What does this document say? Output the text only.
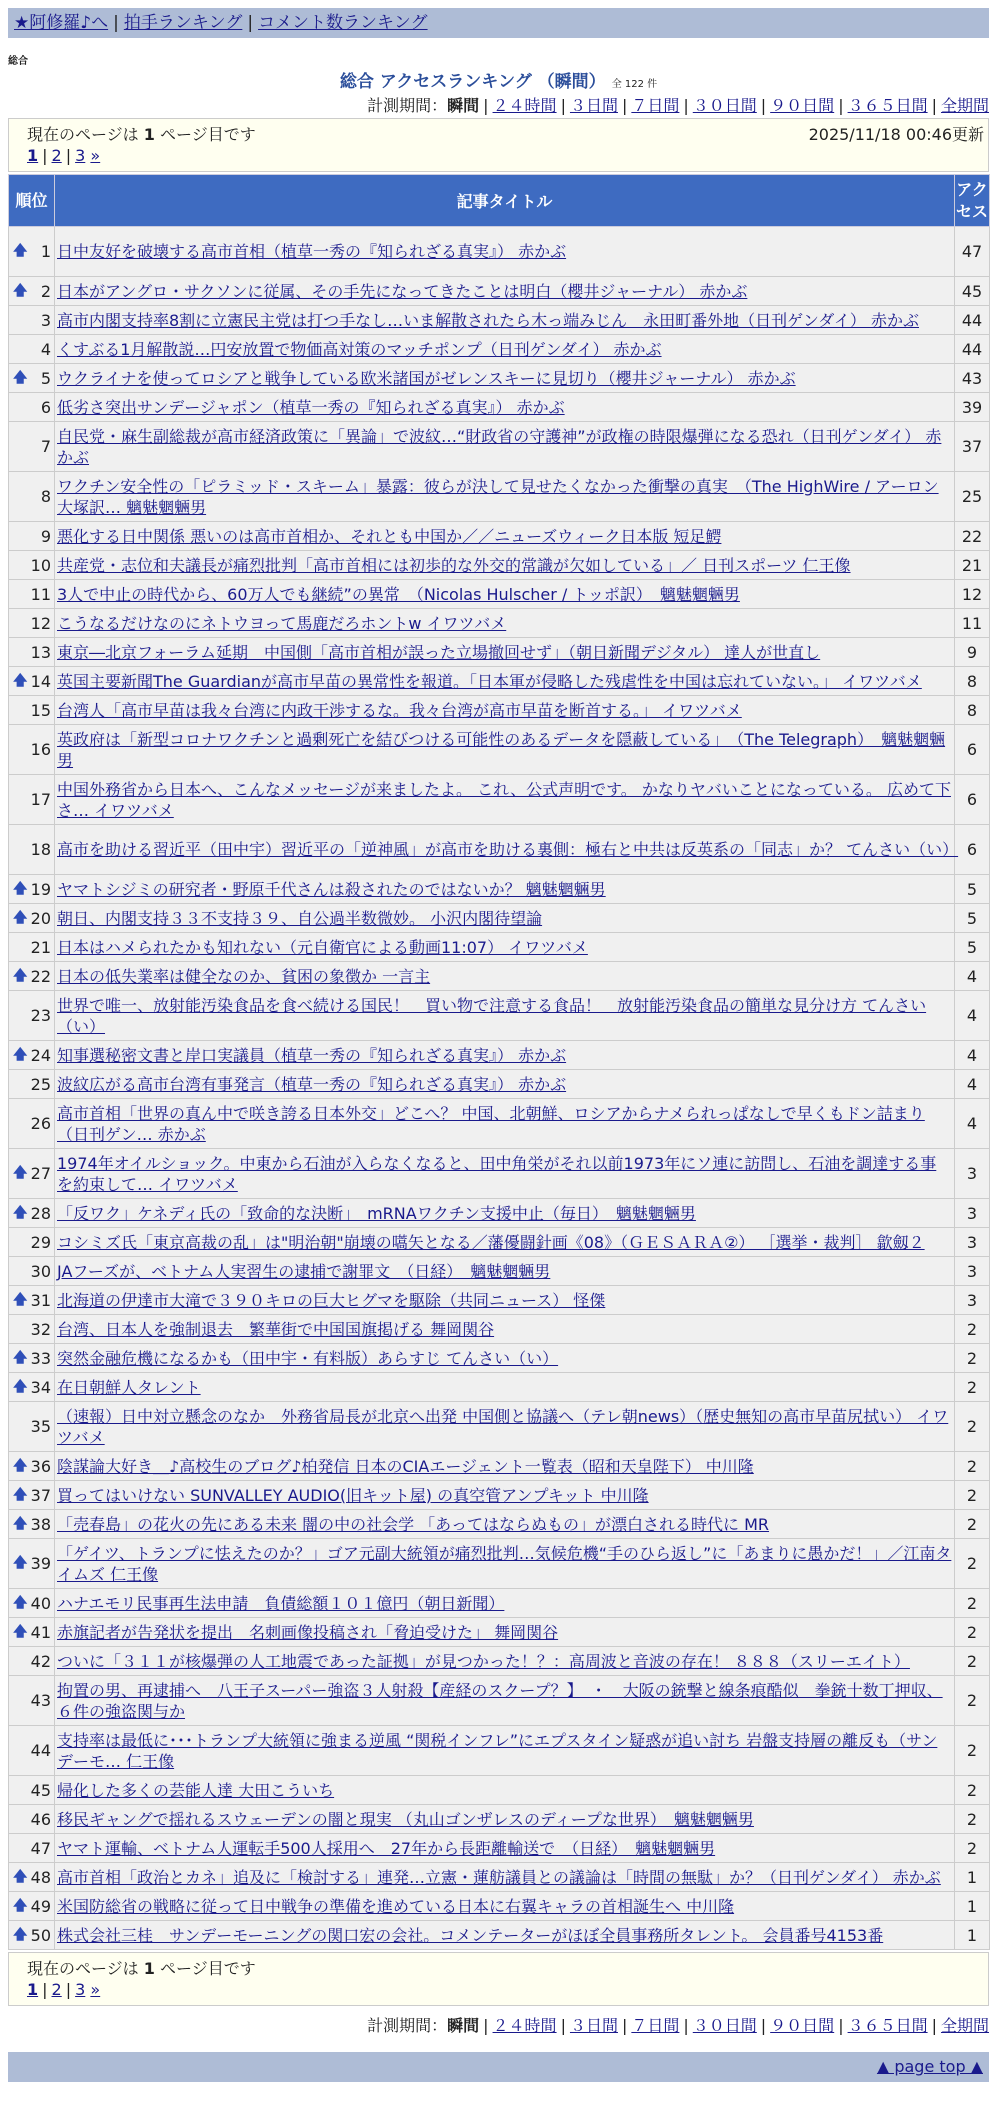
★阿修羅♪へ | 拍手ランキング | コメント数ランキング
総合
総合 アクセスランキング （瞬間） 全 122 件
計測期間：瞬間 | ２４時間 | ３日間 | ７日間 | ３０日間 | ９０日間 | ３６５日間 | 全期間
現在のページは 1 ページ目です	2025/11/18 00:46更新
1 | 2 | 3 »
順位	記事タイトル	アクセス

🡅 1	日中友好を破壊する高市首相（植草一秀の『知られざる真実』） 赤かぶ	47

🡅 2	日本がアングロ・サクソンに従属、その手先になってきたことは明白（櫻井ジャーナル） 赤かぶ	45
3	高市内閣支持率8割に立憲民主党は打つ手なし…いま解散されたら木っ端みじん　永田町番外地（日刊ゲンダイ） 赤かぶ	44
4	くすぶる1月解散説…円安放置で物価高対策のマッチポンプ（日刊ゲンダイ） 赤かぶ	44

🡅 5	ウクライナを使ってロシアと戦争している欧米諸国がゼレンスキーに見切り（櫻井ジャーナル） 赤かぶ	43
6	低劣さ突出サンデージャポン（植草一秀の『知られざる真実』） 赤かぶ	39
7	自民党・麻生副総裁が高市経済政策に「異論」で波紋…“財政省の守護神”が政権の時限爆弾になる恐れ（日刊ゲンダイ） 赤かぶ	37
8	ワクチン安全性の「ピラミッド・スキーム」暴露：彼らが決して見せたくなかった衝撃の真実　（The HighWire / アーロン大塚訳… 魑魅魍魎男	25
9	悪化する日中関係 悪いのは高市首相か、それとも中国か／／ニューズウィーク日本版 短足鰐	22
10	共産党・志位和夫議長が痛烈批判「高市首相には初歩的な外交的常識が欠如している」／ 日刊スポーツ 仁王像	21
11	3人で中止の時代から、60万人でも継続”の異常　（Nicolas Hulscher / トッポ訳）　魑魅魍魎男	12
12	こうなるだけなのにネトウヨって馬鹿だろホントw イワツバメ	11
13	東京―北京フォーラム延期　中国側「高市首相が誤った立場撤回せず」（朝日新聞デジタル） 達人が世直し	9

🡅 14	英国主要新聞The Guardianが高市早苗の異常性を報道。「日本軍が侵略した残虐性を中国は忘れていない。」 イワツバメ	8
15	台湾人「高市早苗は我々台湾に内政干渉するな。我々台湾が高市早苗を断首する。」 イワツバメ	8
16	英政府は「新型コロナワクチンと過剰死亡を結びつける可能性のあるデータを隠蔽している」　（The Telegraph）　魑魅魍魎男	6
17	中国外務省から日本へ、こんなメッセージが来ましたよ。 これ、公式声明です。 かなりヤバいことになっている。 広めて下さ… イワツバメ	6
18	高市を助ける習近平（田中宇）習近平の「逆神風」が高市を助ける裏側：極右と中共は反英系の「同志」か？ てんさい（い）	6

🡅 19	ヤマトシジミの研究者・野原千代さんは殺されたのではないか？ 魑魅魍魎男	5

🡅 20	朝日、内閣支持３３不支持３９、自公過半数微妙。 小沢内閣待望論	5
21	日本はハメられたかも知れない（元自衛官による動画11:07） イワツバメ	5

🡅 22	日本の低失業率は健全なのか、貧困の象徴か 一言主	4
23	世界で唯一、放射能汚染食品を食べ続ける国民！　買い物で注意する食品！　放射能汚染食品の簡単な見分け方 てんさい（い）	4

🡅 24	知事選秘密文書と岸口実議員（植草一秀の『知られざる真実』） 赤かぶ	4
25	波紋広がる高市台湾有事発言（植草一秀の『知られざる真実』） 赤かぶ	4
26	高市首相「世界の真ん中で咲き誇る日本外交」どこへ？ 中国、北朝鮮、ロシアからナメられっぱなしで早くもドン詰まり（日刊ゲン… 赤かぶ	4

🡅 27	1974年オイルショック。中東から石油が入らなくなると、田中角栄がそれ以前1973年にソ連に訪問し、石油を調達する事を約束して… イワツバメ	3

🡅 28	「反ワク」ケネディ氏の「致命的な決断」　mRNAワクチン支援中止（毎日）　魑魅魍魎男	3
29	コシミズ氏「東京高裁の乱」は"明治朝"崩壊の嚆矢となる／藩優闘針画《08》（ＧＥＳＡＲＡ②） ［選挙・裁判］ 歙劔２	3
30	JAフーズが、ベトナム人実習生の逮捕で謝罪文　（日経）　魑魅魍魎男	3

🡅 31	北海道の伊達市大滝で３９０キロの巨大ヒグマを駆除（共同ニュース） 怪傑	3
32	台湾、日本人を強制退去　繁華街で中国国旗掲げる 舞岡関谷	2

🡅 33	突然金融危機になるかも（田中宇・有料版）あらすじ てんさい（い）	2

🡅 34	在日朝鮮人タレント	2
35	（速報）日中対立懸念のなか　外務省局長が北京へ出発 中国側と協議へ（テレ朝news）（歴史無知の高市早苗尻拭い） イワツバメ	2

🡅 36	陰謀論大好き＿♪高校生のブログ♪柏発信 日本のCIAエージェント一覧表（昭和天皇陛下） 中川隆	2

🡅 37	買ってはいけない SUNVALLEY AUDIO(旧キット屋) の真空管アンプキット 中川隆	2

🡅 38	「売春島」の花火の先にある未来 闇の中の社会学 「あってはならぬもの」が漂白される時代に MR	2

🡅 39	「ゲイツ、トランプに怯えたのか？」ゴア元副大統領が痛烈批判…気候危機“手のひら返し”に「あまりに愚かだ！」／江南タイムズ 仁王像	2

🡅 40	ハナエモリ民事再生法申請　負債総額１０１億円（朝日新聞）	2

🡅 41	赤旗記者が告発状を提出　名刺画像投稿され「脅迫受けた」 舞岡関谷	2
42	ついに「３１１が核爆弾の人工地震であった証拠」が見つかった！？：高周波と音波の存在！ ８８８（スリーエイト）	2
43	拘置の男、再逮捕へ　八王子スーパー強盗３人射殺【産経のスクープ？】　・　大阪の銃撃と線条痕酷似　拳銃十数丁押収、６件の強盗関与か	2
44	支持率は最低に･･･トランプ大統領に強まる逆風 “関税インフレ”にエプスタイン疑惑が追い討ち 岩盤支持層の離反も（サンデーモ… 仁王像	2
45	帰化した多くの芸能人達 大田こういち	2
46	移民ギャングで揺れるスウェーデンの闇と現実 （丸山ゴンザレスのディープな世界）　魑魅魍魎男	2
47	ヤマト運輸、ベトナム人運転手500人採用へ　27年から長距離輸送で　（日経）　魑魅魍魎男	2

🡅 48	高市首相「政治とカネ」追及に「検討する」連発…立憲・蓮舫議員との議論は「時間の無駄」か？（日刊ゲンダイ） 赤かぶ	1

🡅 49	米国防総省の戦略に従って日中戦争の準備を進めている日本に右翼キャラの首相誕生へ 中川隆	1

🡅 50	株式会社三桂　サンデーモーニングの関口宏の会社。コメンテーターがほぼ全員事務所タレント。 会員番号4153番	1
現在のページは 1 ページ目です
1 | 2 | 3 »
計測期間：瞬間 | ２４時間 | ３日間 | ７日間 | ３０日間 | ９０日間 | ３６５日間 | 全期間
▲ page top ▲
